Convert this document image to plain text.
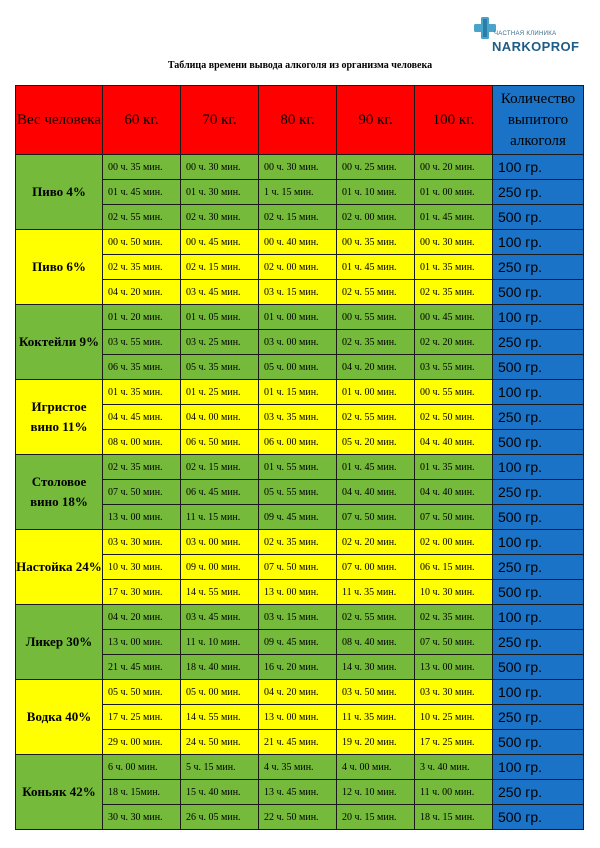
ЧАСТНАЯ КЛИНИКА
NARKOPROF
Таблица времени вывода алкоголя из организма человека
Вес человека	60 кг.	70 кг.	80 кг.	90 кг.	100 кг.	Количество выпитого алкоголя
Пиво 4%	00 ч. 35 мин.	00 ч. 30 мин.	00 ч. 30 мин.	00 ч. 25 мин.	00 ч. 20 мин.	100 гр.
	01 ч. 45 мин.	01 ч. 30 мин.	1 ч. 15 мин.	01 ч. 10 мин.	01 ч. 00 мин.	250 гр.
	02 ч. 55 мин.	02 ч. 30 мин.	02 ч. 15 мин.	02 ч. 00 мин.	01 ч. 45 мин.	500 гр.
Пиво 6%	00 ч. 50 мин.	00 ч. 45 мин.	00 ч. 40 мин.	00 ч. 35 мин.	00 ч. 30 мин.	100 гр.
	02 ч. 35 мин.	02 ч. 15 мин.	02 ч. 00 мин.	01 ч. 45 мин.	01 ч. 35 мин.	250 гр.
	04 ч. 20 мин.	03 ч. 45 мин.	03 ч. 15 мин.	02 ч. 55 мин.	02 ч. 35 мин.	500 гр.
Коктейли 9%	01 ч. 20 мин.	01 ч. 05 мин.	01 ч. 00 мин.	00 ч. 55 мин.	00 ч. 45 мин.	100 гр.
	03 ч. 55 мин.	03 ч. 25 мин.	03 ч. 00 мин.	02 ч. 35 мин.	02 ч. 20 мин.	250 гр.
	06 ч. 35 мин.	05 ч. 35 мин.	05 ч. 00 мин.	04 ч. 20 мин.	03 ч. 55 мин.	500 гр.
Игристое вино 11%	01 ч. 35 мин.	01 ч. 25 мин.	01 ч. 15 мин.	01 ч. 00 мин.	00 ч. 55 мин.	100 гр.
	04 ч. 45 мин.	04 ч. 00 мин.	03 ч. 35 мин.	02 ч. 55 мин.	02 ч. 50 мин.	250 гр.
	08 ч. 00 мин.	06 ч. 50 мин.	06 ч. 00 мин.	05 ч. 20 мин.	04 ч. 40 мин.	500 гр.
Столовое вино 18%	02 ч. 35 мин.	02 ч. 15 мин.	01 ч. 55 мин.	01 ч. 45 мин.	01 ч. 35 мин.	100 гр.
	07 ч. 50 мин.	06 ч. 45 мин.	05 ч. 55 мин.	04 ч. 40 мин.	04 ч. 40 мин.	250 гр.
	13 ч. 00 мин.	11 ч. 15 мин.	09 ч. 45 мин.	07 ч. 50 мин.	07 ч. 50 мин.	500 гр.
Настойка 24%	03 ч. 30 мин.	03 ч. 00 мин.	02 ч. 35 мин.	02 ч. 20 мин.	02 ч. 00 мин.	100 гр.
	10 ч. 30 мин.	09 ч. 00 мин.	07 ч. 50 мин.	07 ч. 00 мин.	06 ч. 15 мин.	250 гр.
	17 ч. 30 мин.	14 ч. 55 мин.	13 ч. 00 мин.	11 ч. 35 мин.	10 ч. 30 мин.	500 гр.
Ликер 30%	04 ч. 20 мин.	03 ч. 45 мин.	03 ч. 15 мин.	02 ч. 55 мин.	02 ч. 35 мин.	100 гр.
	13 ч. 00 мин.	11 ч. 10 мин.	09 ч. 45 мин.	08 ч. 40 мин.	07 ч. 50 мин.	250 гр.
	21 ч. 45 мин.	18 ч. 40 мин.	16 ч. 20 мин.	14 ч. 30 мин.	13 ч. 00 мин.	500 гр.
Водка 40%	05 ч. 50 мин.	05 ч. 00 мин.	04 ч. 20 мин.	03 ч. 50 мин.	03 ч. 30 мин.	100 гр.
	17 ч. 25 мин.	14 ч. 55 мин.	13 ч. 00 мин.	11 ч. 35 мин.	10 ч. 25 мин.	250 гр.
	29 ч. 00 мин.	24 ч. 50 мин.	21 ч. 45 мин.	19 ч. 20 мин.	17 ч. 25 мин.	500 гр.
Коньяк 42%	6 ч. 00 мин.	5 ч. 15 мин.	4 ч. 35 мин.	4 ч. 00 мин.	3 ч. 40 мин.	100 гр.
	18 ч. 15мин.	15 ч. 40 мин.	13 ч. 45 мин.	12 ч. 10 мин.	11 ч. 00 мин.	250 гр.
	30 ч. 30 мин.	26 ч. 05 мин.	22 ч. 50 мин.	20 ч. 15 мин.	18 ч. 15 мин.	500 гр.
